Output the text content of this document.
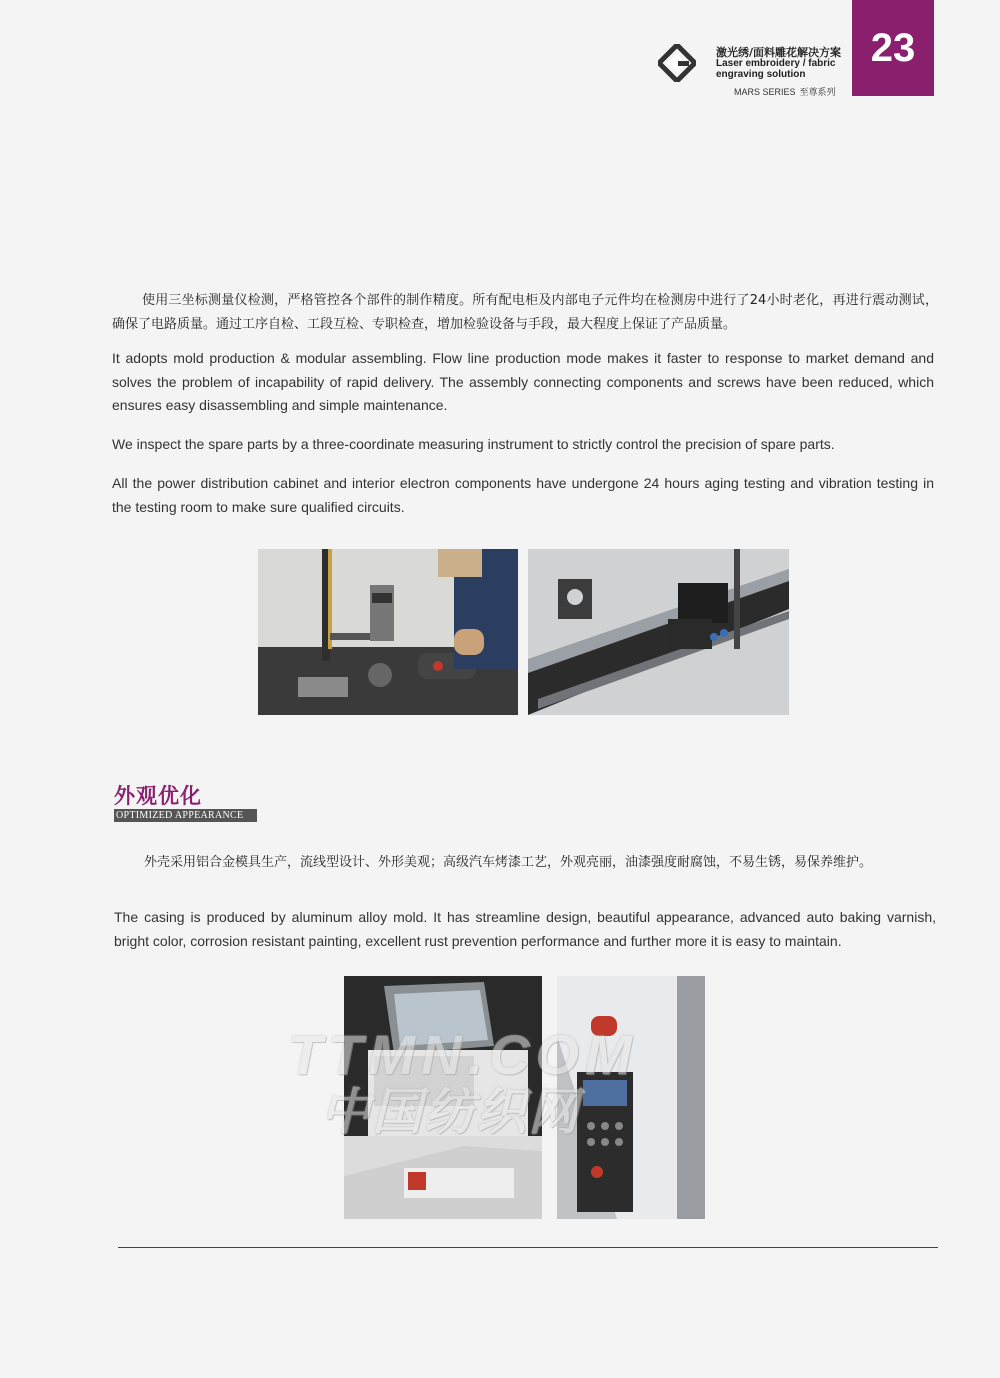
23
激光绣/面料雕花解决方案
Laser embroidery / fabric engraving solution
MARS SERIES 至尊系列

使用三坐标测量仪检测，严格管控各个部件的制作精度。所有配电柜及内部电子元件均在检测房中进行了24小时老化，再进行震动测试，确保了电路质量。通过工序自检、工段互检、专职检查，增加检验设备与手段，最大程度上保证了产品质量。

It adopts mold production & modular assembling. Flow line production mode makes it faster to response to market demand and solves the problem of incapability of rapid delivery. The assembly connecting components and screws have been reduced, which ensures easy disassembling and simple maintenance.

We inspect the spare parts by a three-coordinate measuring instrument to strictly control the precision of spare parts.

All the power distribution cabinet and interior electron components have undergone 24 hours aging testing and vibration testing in the testing room to make sure qualified circuits.

外观优化
OPTIMIZED APPEARANCE

外壳采用铝合金模具生产，流线型设计、外形美观；高级汽车烤漆工艺，外观亮丽，油漆强度耐腐蚀，不易生锈，易保养维护。

The casing is produced by aluminum alloy mold. It has streamline design, beautiful appearance, advanced auto baking varnish, bright color, corrosion resistant painting, excellent rust prevention performance and further more it is easy to maintain.

TTMN.COM
中国纺织网
